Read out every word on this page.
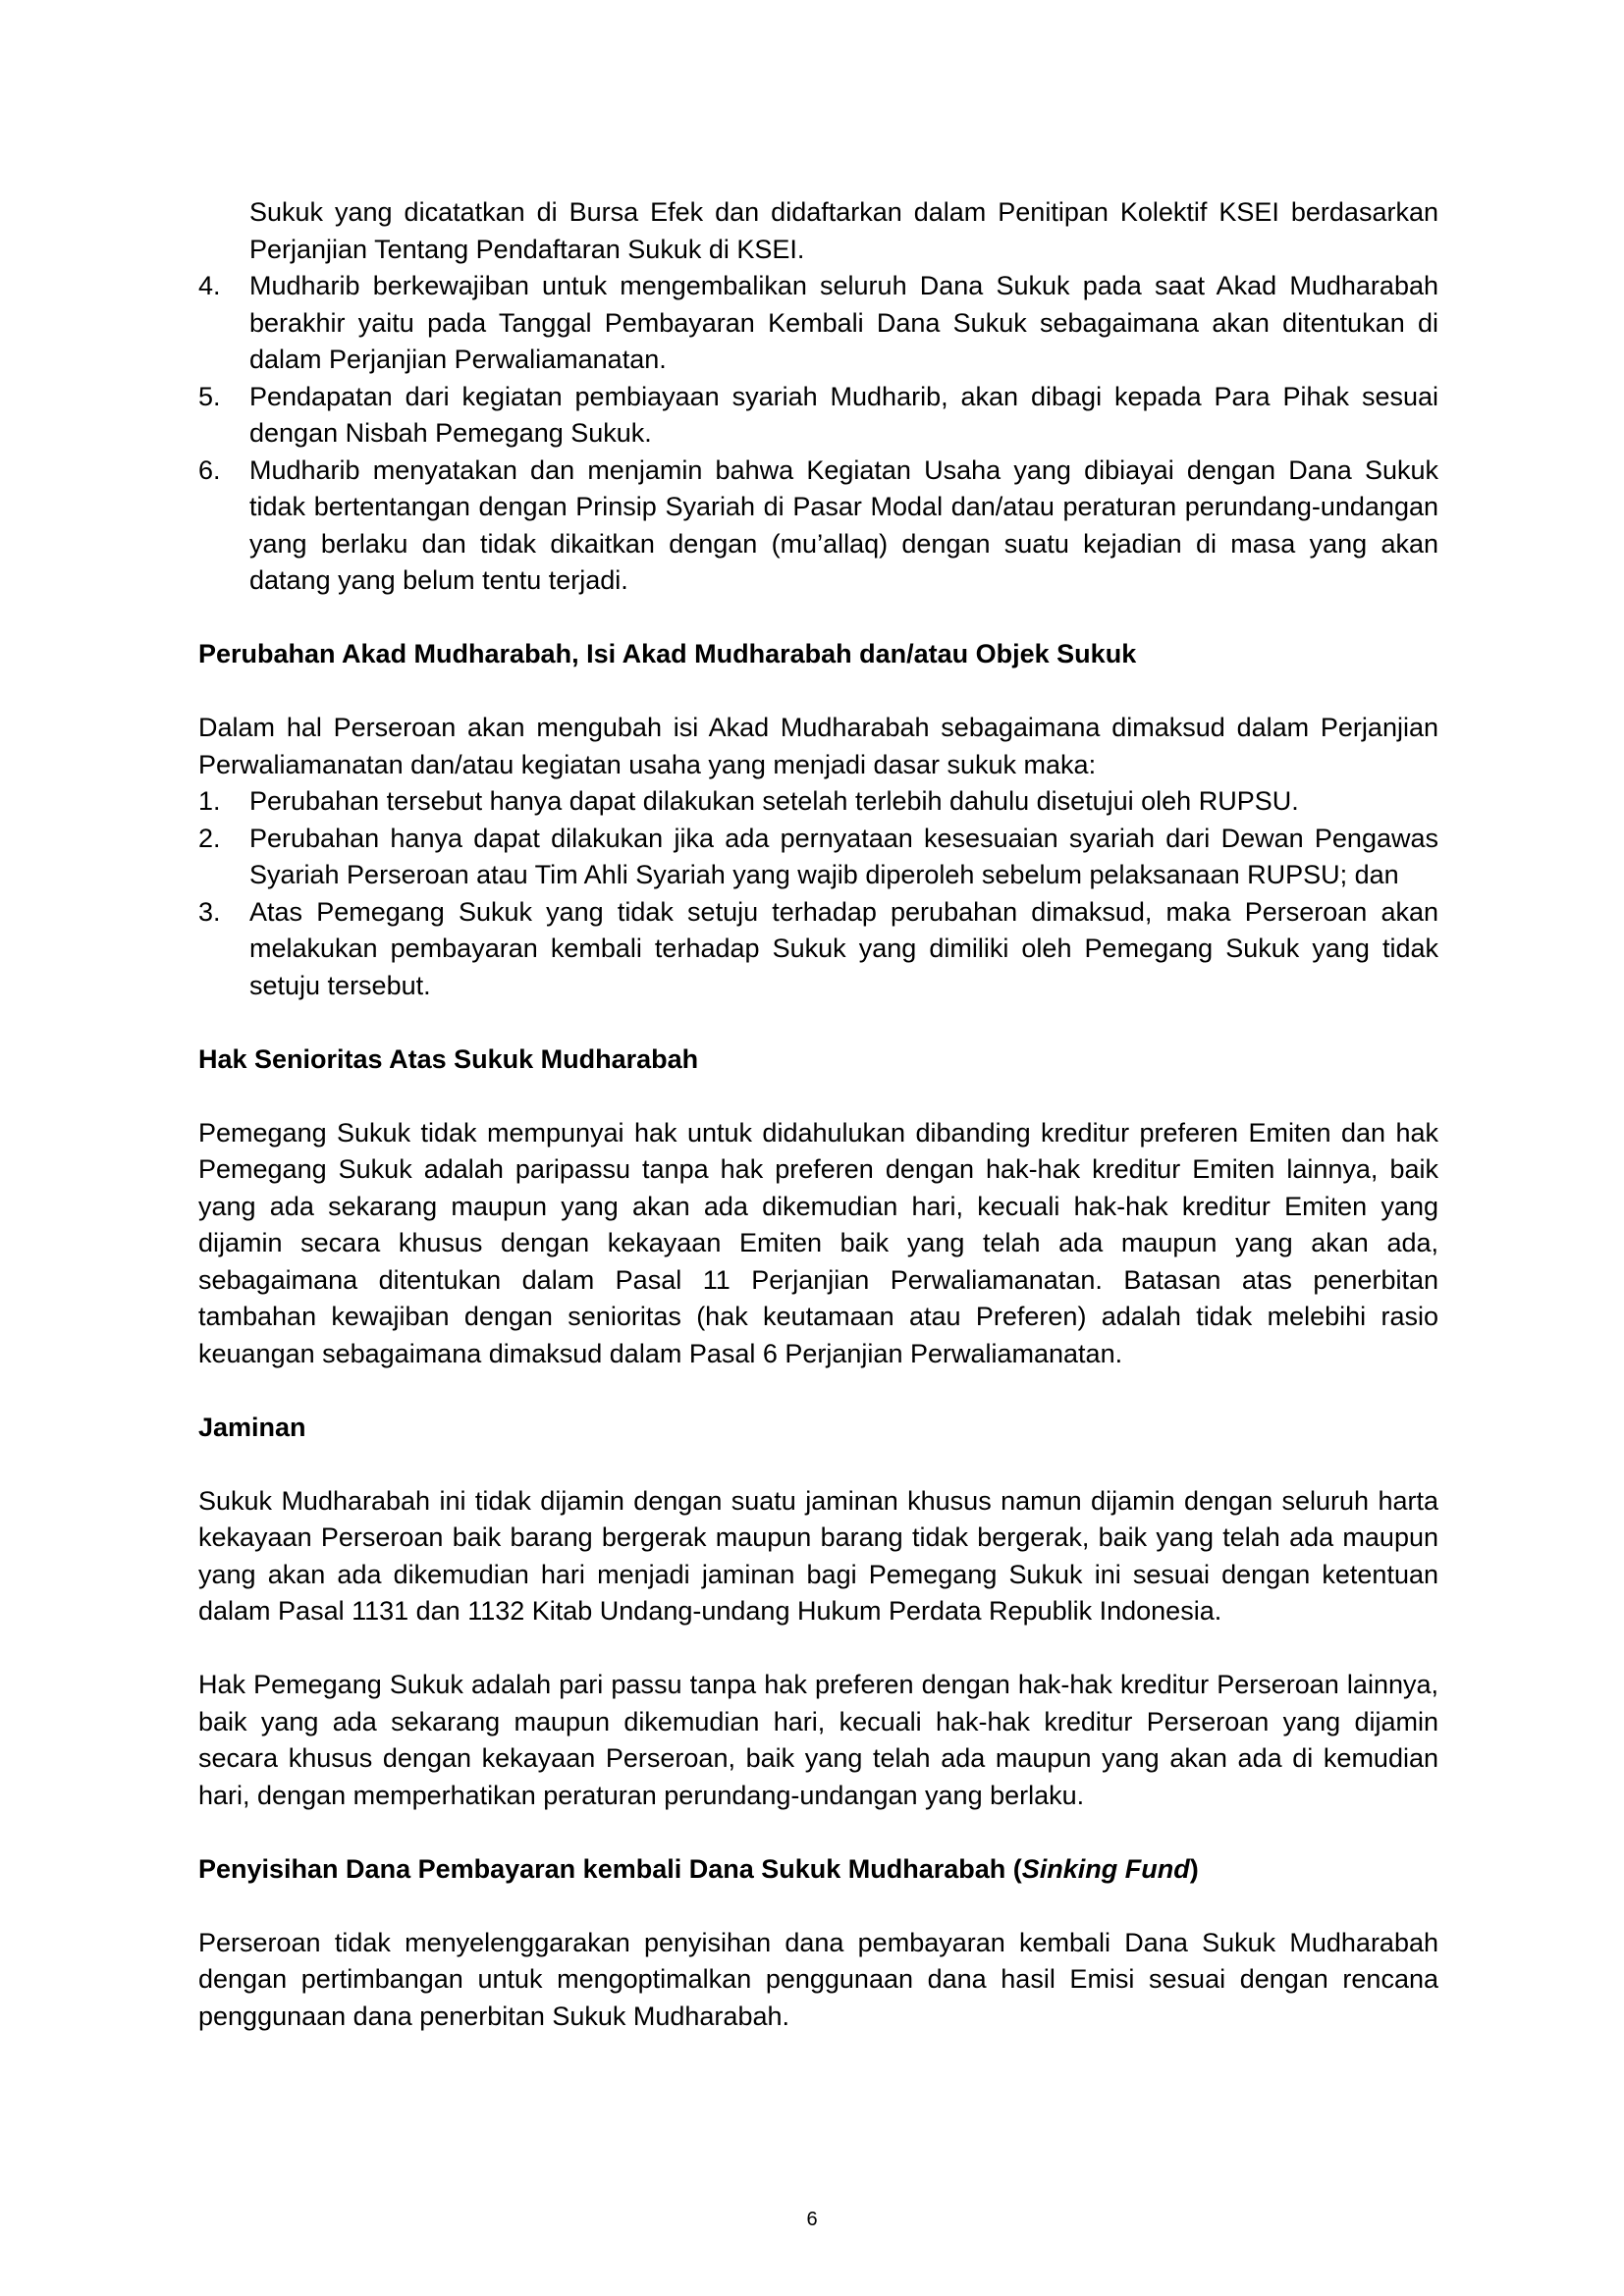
Sukuk yang dicatatkan di Bursa Efek dan didaftarkan dalam Penitipan Kolektif KSEI berdasarkan Perjanjian Tentang Pendaftaran Sukuk di KSEI.

4. Mudharib berkewajiban untuk mengembalikan seluruh Dana Sukuk pada saat Akad Mudharabah berakhir yaitu pada Tanggal Pembayaran Kembali Dana Sukuk sebagaimana akan ditentukan di dalam Perjanjian Perwaliamanatan.
5. Pendapatan dari kegiatan pembiayaan syariah Mudharib, akan dibagi kepada Para Pihak sesuai dengan Nisbah Pemegang Sukuk.
6. Mudharib menyatakan dan menjamin bahwa Kegiatan Usaha yang dibiayai dengan Dana Sukuk tidak bertentangan dengan Prinsip Syariah di Pasar Modal dan/atau peraturan perundang-undangan yang berlaku dan tidak dikaitkan dengan (mu’allaq) dengan suatu kejadian di masa yang akan datang yang belum tentu terjadi.
Perubahan Akad Mudharabah, Isi Akad Mudharabah dan/atau Objek Sukuk

Dalam hal Perseroan akan mengubah isi Akad Mudharabah sebagaimana dimaksud dalam Perjanjian Perwaliamanatan dan/atau kegiatan usaha yang menjadi dasar sukuk maka:

1. Perubahan tersebut hanya dapat dilakukan setelah terlebih dahulu disetujui oleh RUPSU.
2. Perubahan hanya dapat dilakukan jika ada pernyataan kesesuaian syariah dari Dewan Pengawas Syariah Perseroan atau Tim Ahli Syariah yang wajib diperoleh sebelum pelaksanaan RUPSU; dan
3. Atas Pemegang Sukuk yang tidak setuju terhadap perubahan dimaksud, maka Perseroan akan melakukan pembayaran kembali terhadap Sukuk yang dimiliki oleh Pemegang Sukuk yang tidak setuju tersebut.
Hak Senioritas Atas Sukuk Mudharabah

Pemegang Sukuk tidak mempunyai hak untuk didahulukan dibanding kreditur preferen Emiten dan hak Pemegang Sukuk adalah paripassu tanpa hak preferen dengan hak-hak kreditur Emiten lainnya, baik yang ada sekarang maupun yang akan ada dikemudian hari, kecuali hak-hak kreditur Emiten yang dijamin secara khusus dengan kekayaan Emiten baik yang telah ada maupun yang akan ada, sebagaimana ditentukan dalam Pasal 11 Perjanjian Perwaliamanatan. Batasan atas penerbitan tambahan kewajiban dengan senioritas (hak keutamaan atau Preferen) adalah tidak melebihi rasio keuangan sebagaimana dimaksud dalam Pasal 6 Perjanjian Perwaliamanatan.

Jaminan

Sukuk Mudharabah ini tidak dijamin dengan suatu jaminan khusus namun dijamin dengan seluruh harta kekayaan Perseroan baik barang bergerak maupun barang tidak bergerak, baik yang telah ada maupun yang akan ada dikemudian hari menjadi jaminan bagi Pemegang Sukuk ini sesuai dengan ketentuan dalam Pasal 1131 dan 1132 Kitab Undang-undang Hukum Perdata Republik Indonesia.

Hak Pemegang Sukuk adalah pari passu tanpa hak preferen dengan hak-hak kreditur Perseroan lainnya, baik yang ada sekarang maupun dikemudian hari, kecuali hak-hak kreditur Perseroan yang dijamin secara khusus dengan kekayaan Perseroan, baik yang telah ada maupun yang akan ada di kemudian hari, dengan memperhatikan peraturan perundang-undangan yang berlaku.

Penyisihan Dana Pembayaran kembali Dana Sukuk Mudharabah (Sinking Fund)

Perseroan tidak menyelenggarakan penyisihan dana pembayaran kembali Dana Sukuk Mudharabah dengan pertimbangan untuk mengoptimalkan penggunaan dana hasil Emisi sesuai dengan rencana penggunaan dana penerbitan Sukuk Mudharabah.

6
